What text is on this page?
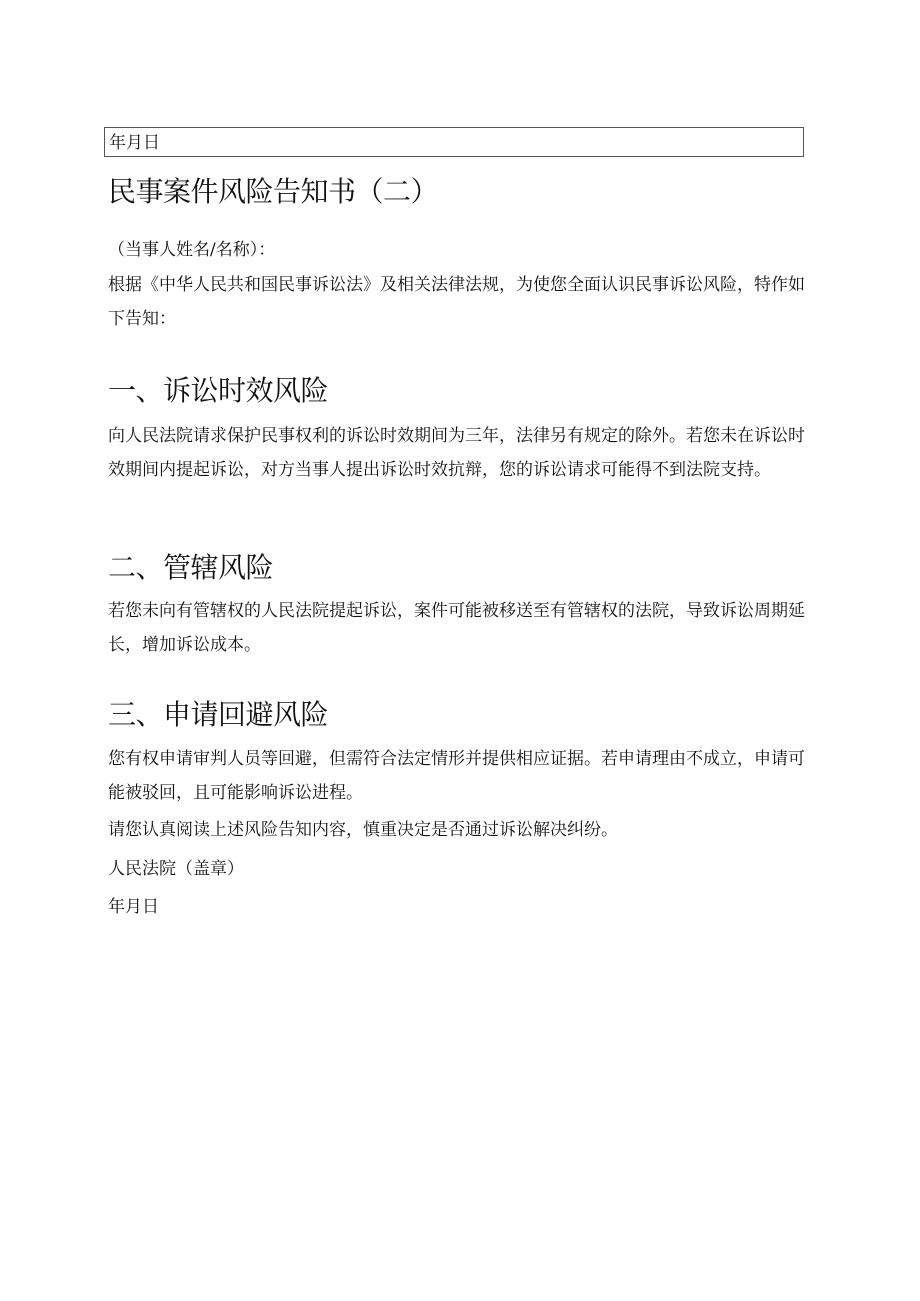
年月日
民事案件风险告知书（二）

（当事人姓名/名称）：

根据《中华人民共和国民事诉讼法》及相关法律法规，为使您全面认识民事诉讼风险，特作如下告知：

一、诉讼时效风险

向人民法院请求保护民事权利的诉讼时效期间为三年，法律另有规定的除外。若您未在诉讼时效期间内提起诉讼，对方当事人提出诉讼时效抗辩，您的诉讼请求可能得不到法院支持。

二、管辖风险

若您未向有管辖权的人民法院提起诉讼，案件可能被移送至有管辖权的法院，导致诉讼周期延长，增加诉讼成本。

三、申请回避风险

您有权申请审判人员等回避，但需符合法定情形并提供相应证据。若申请理由不成立，申请可能被驳回，且可能影响诉讼进程。

请您认真阅读上述风险告知内容，慎重决定是否通过诉讼解决纠纷。

人民法院（盖章）

年月日
